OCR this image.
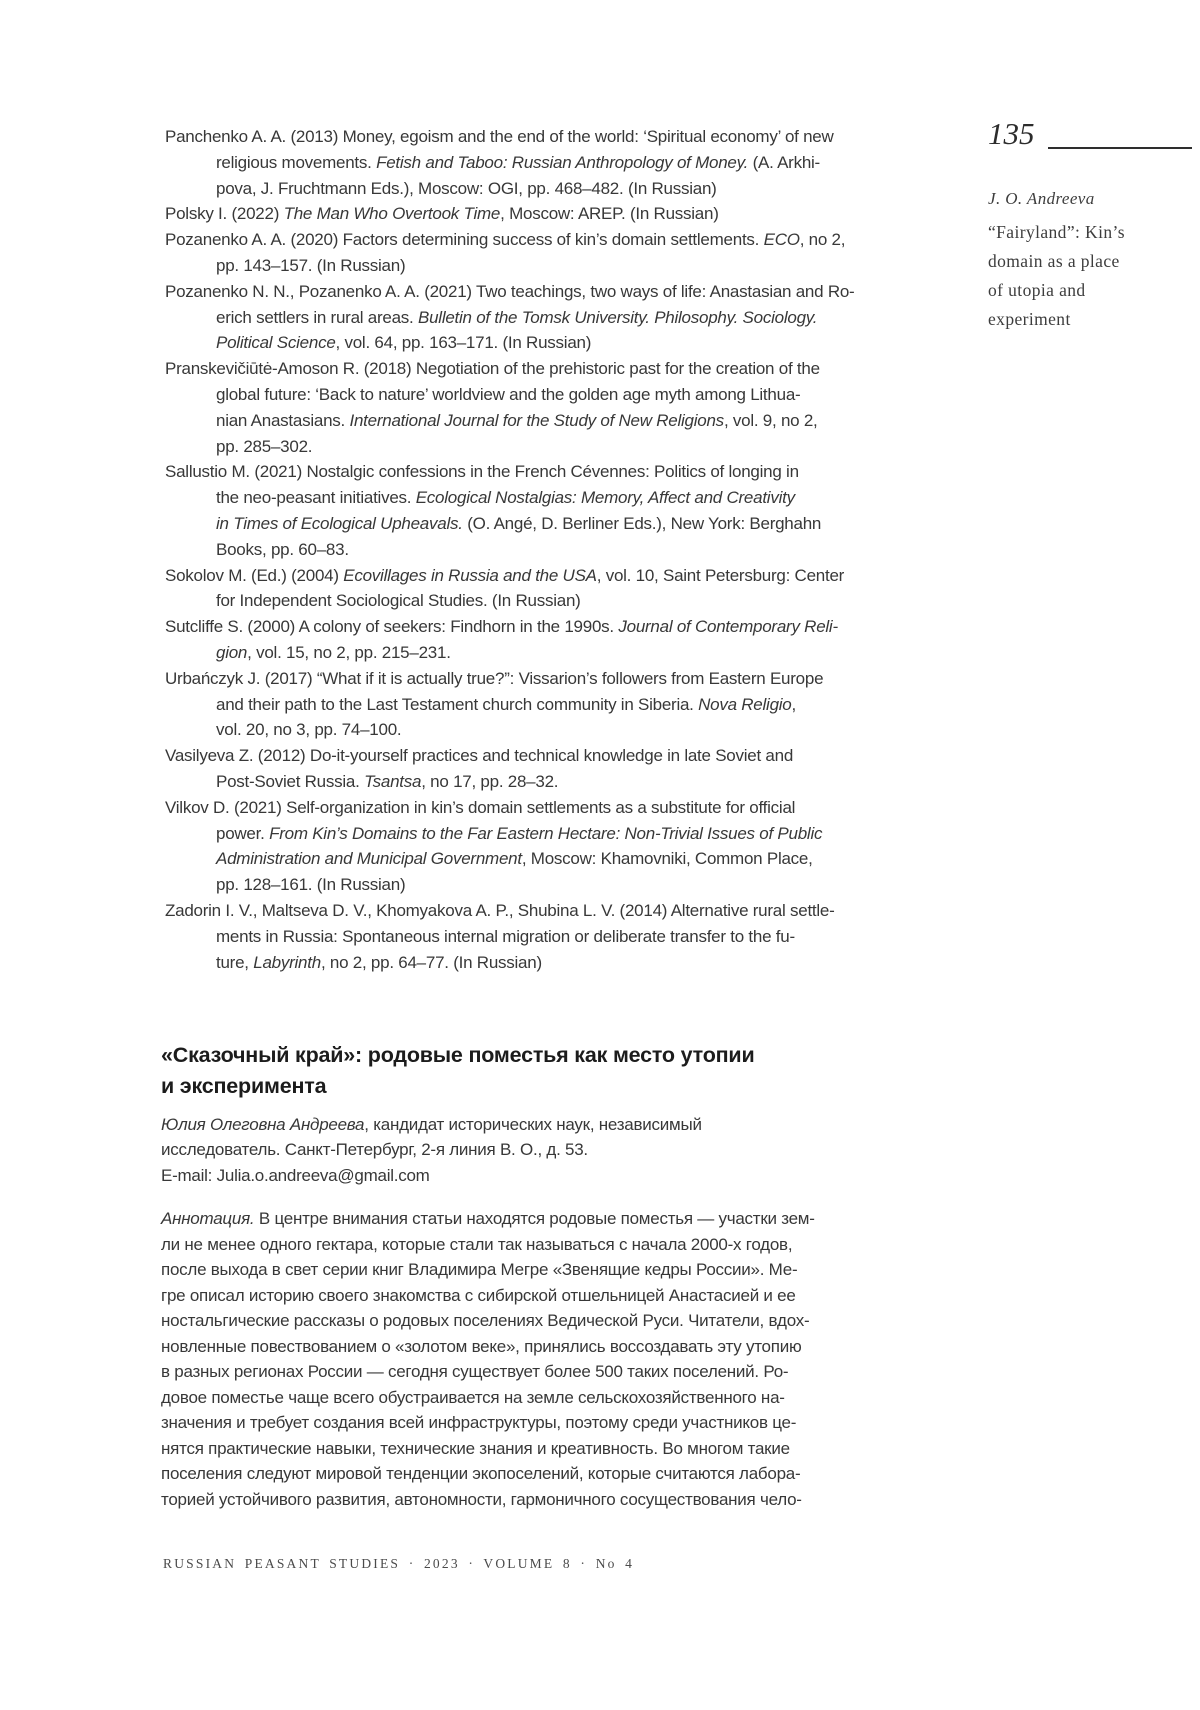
Panchenko A. A. (2013) Money, egoism and the end of the world: ‘Spiritual economy’ of new
religious movements. Fetish and Taboo: Russian Anthropology of Money. (A. Arkhi-
pova, J. Fruchtmann Eds.), Moscow: OGI, pp. 468–482. (In Russian)
Polsky I. (2022) The Man Who Overtook Time, Moscow: AREP. (In Russian)
Pozanenko A. A. (2020) Factors determining success of kin’s domain settlements. ECO, no 2,
pp. 143–157. (In Russian)
Pozanenko N. N., Pozanenko A. A. (2021) Two teachings, two ways of life: Anastasian and Ro-
erich settlers in rural areas. Bulletin of the Tomsk University. Philosophy. Sociology.
Political Science, vol. 64, pp. 163–171. (In Russian)
Pranskevičiūtė-Amoson R. (2018) Negotiation of the prehistoric past for the creation of the
global future: ‘Back to nature’ worldview and the golden age myth among Lithua-
nian Anastasians. International Journal for the Study of New Religions, vol. 9, no 2,
pp. 285–302.
Sallustio M. (2021) Nostalgic confessions in the French Cévennes: Politics of longing in
the neo-peasant initiatives. Ecological Nostalgias: Memory, Affect and Creativity
in Times of Ecological Upheavals. (O. Angé, D. Berliner Eds.), New York: Berghahn
Books, pp. 60–83.
Sokolov M. (Ed.) (2004) Ecovillages in Russia and the USA, vol. 10, Saint Petersburg: Center
for Independent Sociological Studies. (In Russian)
Sutcliffe S. (2000) A colony of seekers: Findhorn in the 1990s. Journal of Contemporary Reli-
gion, vol. 15, no 2, pp. 215–231.
Urbańczyk J. (2017) “What if it is actually true?”: Vissarion’s followers from Eastern Europe
and their path to the Last Testament church community in Siberia. Nova Religio,
vol. 20, no 3, pp. 74–100.
Vasilyeva Z. (2012) Do-it-yourself practices and technical knowledge in late Soviet and
Post-Soviet Russia. Tsantsa, no 17, pp. 28–32.
Vilkov D. (2021) Self-organization in kin’s domain settlements as a substitute for official
power. From Kin’s Domains to the Far Eastern Hectare: Non-Trivial Issues of Public
Administration and Municipal Government, Moscow: Khamovniki, Common Place,
pp. 128–161. (In Russian)
Zadorin I. V., Maltseva D. V., Khomyakova A. P., Shubina L. V. (2014) Alternative rural settle-
ments in Russia: Spontaneous internal migration or deliberate transfer to the fu-
ture, Labyrinth, no 2, pp. 64–77. (In Russian)
«Сказочный край»: родовые поместья как место утопии
и эксперимента
Юлия Олеговна Андреева, кандидат исторических наук, независимый
исследователь. Санкт-Петербург, 2-я линия В. О., д. 53.
E-mail: Julia.o.andreeva@gmail.com
Аннотация. В центре внимания статьи находятся родовые поместья — участки зем-
ли не менее одного гектара, которые стали так называться с начала 2000-х годов,
после выхода в свет серии книг Владимира Мегре «Звенящие кедры России». Ме-
гре описал историю своего знакомства с сибирской отшельницей Анастасией и ее
ностальгические рассказы о родовых поселениях Ведической Руси. Читатели, вдох-
новленные повествованием о «золотом веке», принялись воссоздавать эту утопию
в разных регионах России — сегодня существует более 500 таких поселений. Ро-
довое поместье чаще всего обустраивается на земле сельскохозяйственного на-
значения и требует создания всей инфраструктуры, поэтому среди участников це-
нятся практические навыки, технические знания и креативность. Во многом такие
поселения следуют мировой тенденции экопоселений, которые считаются лабора-
торией устойчивого развития, автономности, гармоничного сосуществования чело-
RUSSIAN PEASANT STUDIES · 2023 · VOLUME 8 · No 4
135
J. O. Andreeva
“Fairyland”: Kin’s
domain as a place
of utopia and
experiment
